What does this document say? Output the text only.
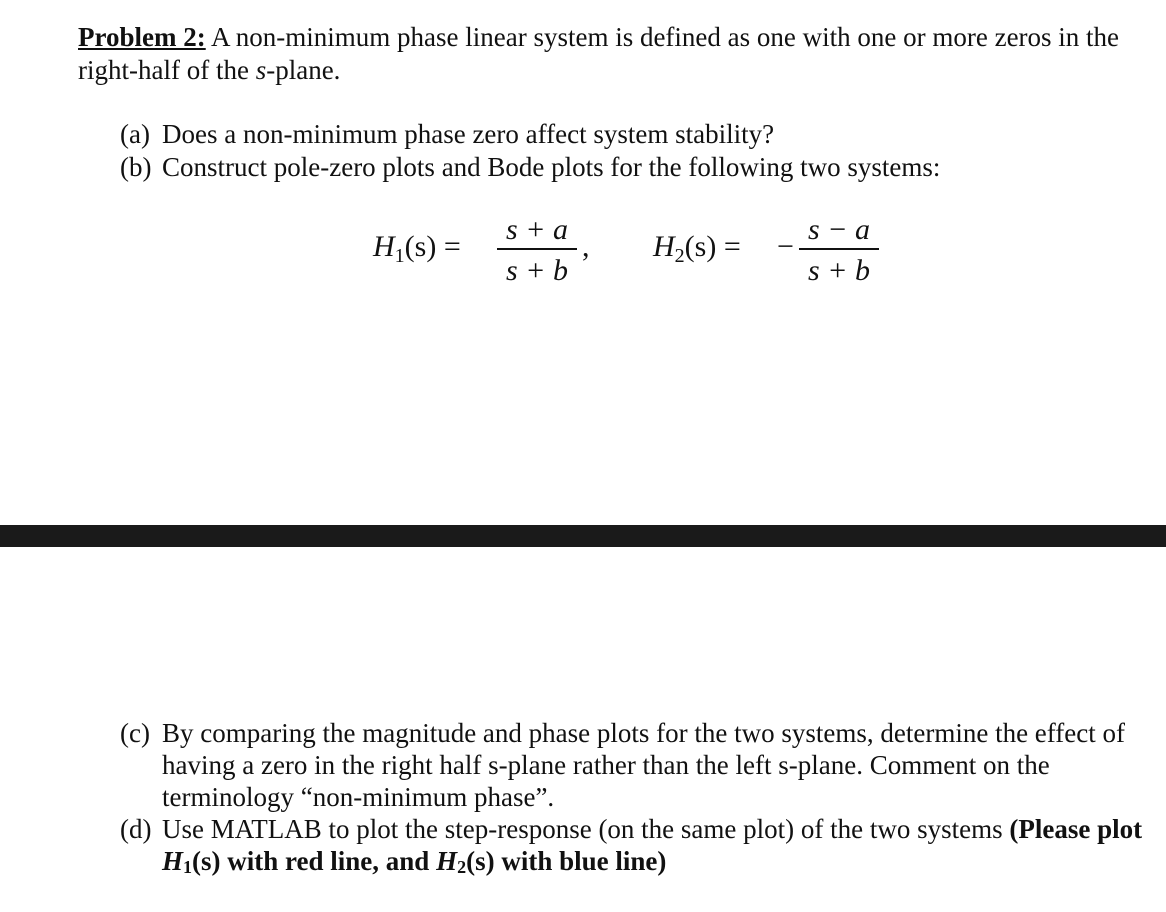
Problem 2: A non-minimum phase linear system is defined as one with one or more zeros in the right-half of the s-plane.
(a) Does a non-minimum phase zero affect system stability?
(b) Construct pole-zero plots and Bode plots for the following two systems:
$H_1(s)$ =
s + a
s + b
, $H_2(s)$ = −
s − a
s + b
(c) By comparing the magnitude and phase plots for the two systems, determine the effect of having a zero in the right half s-plane rather than the left s-plane. Comment on the terminology “non-minimum phase”.
(d) Use MATLAB to plot the step-response (on the same plot) of the two systems (Please plot H1(s) with red line, and H2(s) with blue line)
